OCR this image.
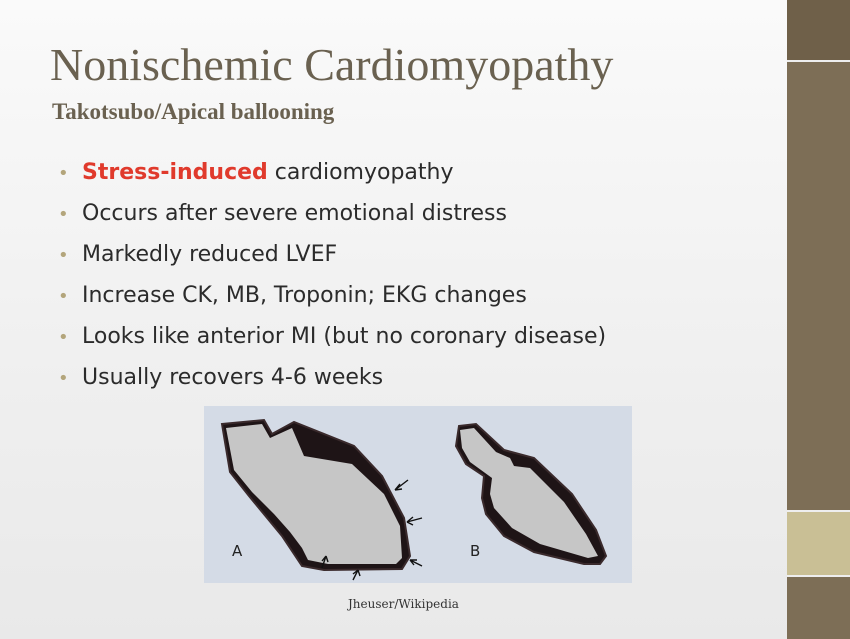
Nonischemic Cardiomyopathy
Takotsubo/Apical ballooning
• Stress-induced cardiomyopathy
• Occurs after severe emotional distress
• Markedly reduced LVEF
• Increase CK, MB, Troponin; EKG changes
• Looks like anterior MI (but no coronary disease)
• Usually recovers 4-6 weeks
A	B
Jheuser/Wikipedia
